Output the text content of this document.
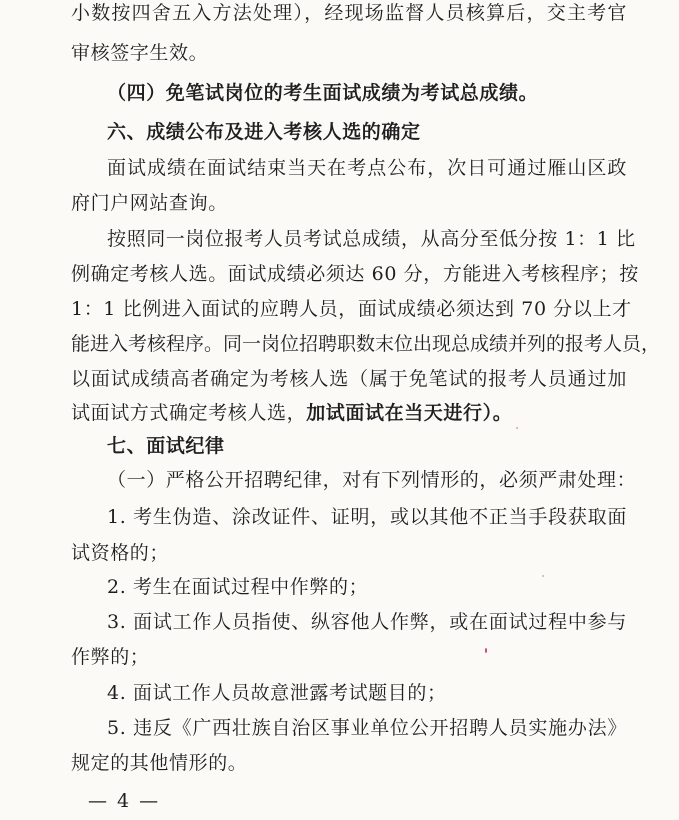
小数按四舍五入方法处理），经现场监督人员核算后，交主考官
审核签字生效。
（四）免笔试岗位的考生面试成绩为考试总成绩。
六、成绩公布及进入考核人选的确定
面试成绩在面试结束当天在考点公布，次日可通过雁山区政
府门户网站查询。
按照同一岗位报考人员考试总成绩，从高分至低分按 1：1 比
例确定考核人选。面试成绩必须达 60 分，方能进入考核程序；按
1：1 比例进入面试的应聘人员，面试成绩必须达到 70 分以上才
能进入考核程序。同一岗位招聘职数末位出现总成绩并列的报考人员，
以面试成绩高者确定为考核人选（属于免笔试的报考人员通过加
试面试方式确定考核人选，加试面试在当天进行）。
七、面试纪律
（一）严格公开招聘纪律，对有下列情形的，必须严肃处理：
1. 考生伪造、涂改证件、证明，或以其他不正当手段获取面
试资格的；
2. 考生在面试过程中作弊的；
3. 面试工作人员指使、纵容他人作弊，或在面试过程中参与
作弊的；
4. 面试工作人员故意泄露考试题目的；
5. 违反《广西壮族自治区事业单位公开招聘人员实施办法》
规定的其他情形的。
— 4 —
